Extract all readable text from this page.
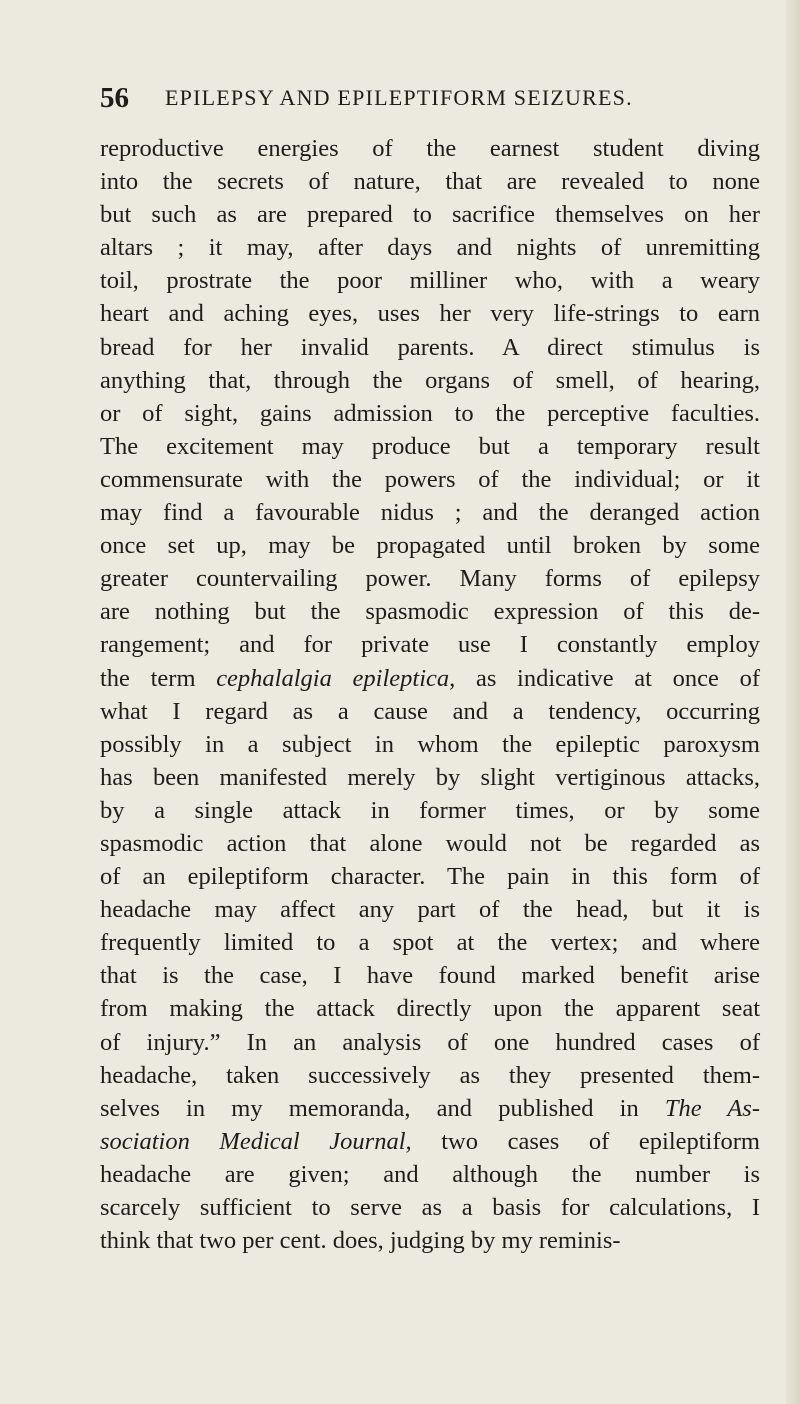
56 EPILEPSY AND EPILEPTIFORM SEIZURES.
reproductive energies of the earnest student diving
into the secrets of nature, that are revealed to none
but such as are prepared to sacrifice themselves on her
altars ; it may, after days and nights of unremitting
toil, prostrate the poor milliner who, with a weary
heart and aching eyes, uses her very life-strings to earn
bread for her invalid parents. A direct stimulus is
anything that, through the organs of smell, of hearing,
or of sight, gains admission to the perceptive faculties.
The excitement may produce but a temporary result
commensurate with the powers of the individual; or it
may find a favourable nidus ; and the deranged action
once set up, may be propagated until broken by some
greater countervailing power. Many forms of epilepsy
are nothing but the spasmodic expression of this de-
rangement; and for private use I constantly employ
the term cephalalgia epileptica, as indicative at once of
what I regard as a cause and a tendency, occurring
possibly in a subject in whom the epileptic paroxysm
has been manifested merely by slight vertiginous attacks,
by a single attack in former times, or by some
spasmodic action that alone would not be regarded as
of an epileptiform character. The pain in this form of
headache may affect any part of the head, but it is
frequently limited to a spot at the vertex; and where
that is the case, I have found marked benefit arise
from making the attack directly upon the apparent seat
of injury.” In an analysis of one hundred cases of
headache, taken successively as they presented them-
selves in my memoranda, and published in The As-
sociation Medical Journal, two cases of epileptiform
headache are given; and although the number is
scarcely sufficient to serve as a basis for calculations, I
think that two per cent. does, judging by my reminis-
